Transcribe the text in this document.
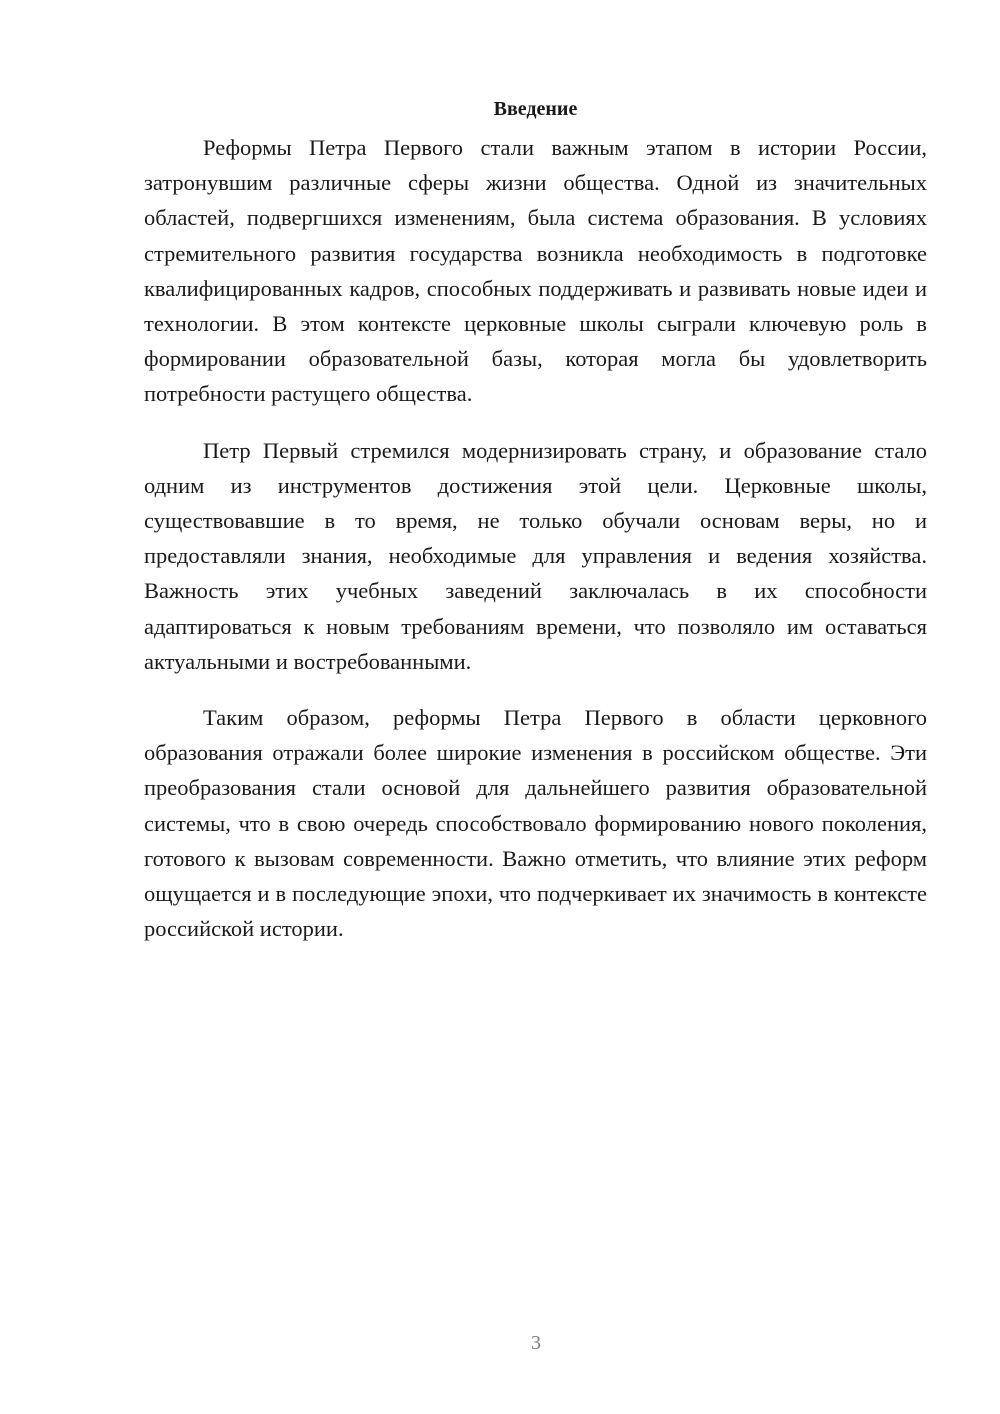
Введение

Реформы Петра Первого стали важным этапом в истории России, затронувшим различные сферы жизни общества. Одной из значительных областей, подвергшихся изменениям, была система образования. В условиях стремительного развития государства возникла необходимость в подготовке квалифицированных кадров, способных поддерживать и развивать новые идеи и технологии. В этом контексте церковные школы сыграли ключевую роль в формировании образовательной базы, которая могла бы удовлетворить потребности растущего общества.

Петр Первый стремился модернизировать страну, и образование стало одним из инструментов достижения этой цели. Церковные школы, существовавшие в то время, не только обучали основам веры, но и предоставляли знания, необходимые для управления и ведения хозяйства. Важность этих учебных заведений заключалась в их способности адаптироваться к новым требованиям времени, что позволяло им оставаться актуальными и востребованными.

Таким образом, реформы Петра Первого в области церковного образования отражали более широкие изменения в российском обществе. Эти преобразования стали основой для дальнейшего развития образовательной системы, что в свою очередь способствовало формированию нового поколения, готового к вызовам современности. Важно отметить, что влияние этих реформ ощущается и в последующие эпохи, что подчеркивает их значимость в контексте российской истории.

3
